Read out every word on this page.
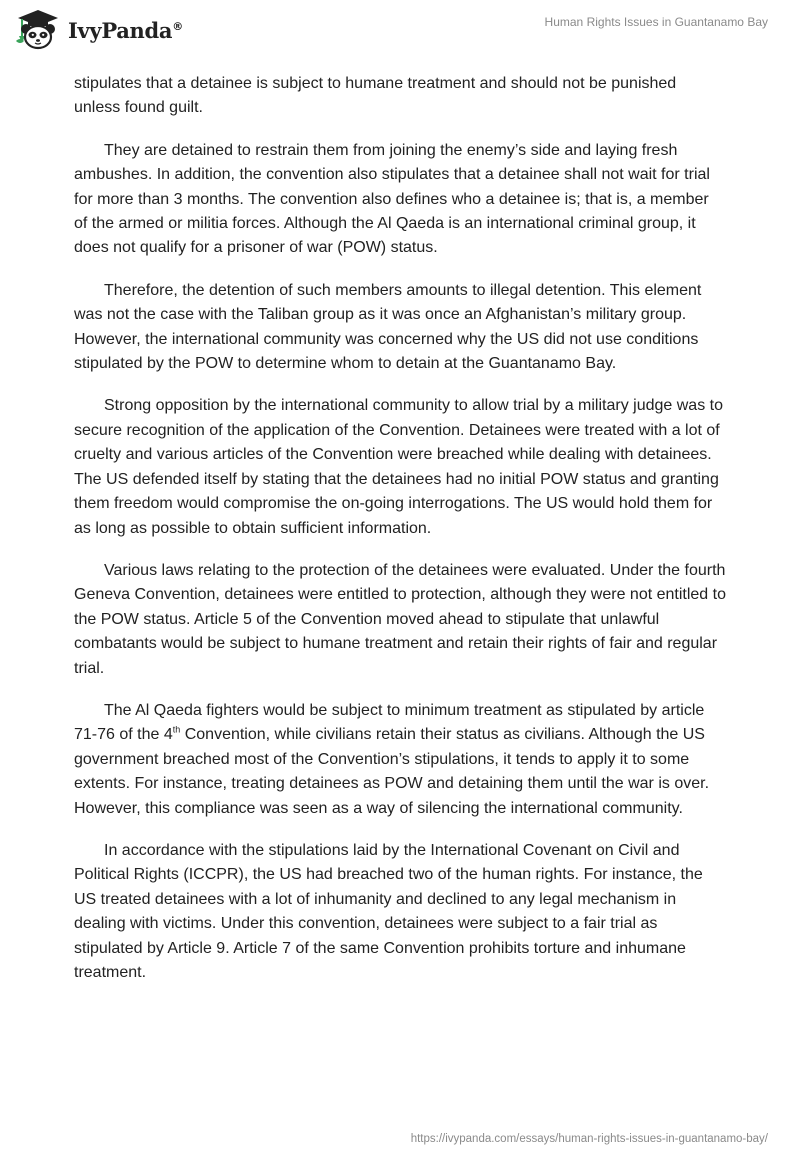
IvyPanda®	Human Rights Issues in Guantanamo Bay

stipulates that a detainee is subject to humane treatment and should not be punished unless found guilt.

They are detained to restrain them from joining the enemy’s side and laying fresh ambushes. In addition, the convention also stipulates that a detainee shall not wait for trial for more than 3 months. The convention also defines who a detainee is; that is, a member of the armed or militia forces. Although the Al Qaeda is an international criminal group, it does not qualify for a prisoner of war (POW) status.

Therefore, the detention of such members amounts to illegal detention. This element was not the case with the Taliban group as it was once an Afghanistan’s military group. However, the international community was concerned why the US did not use conditions stipulated by the POW to determine whom to detain at the Guantanamo Bay.

Strong opposition by the international community to allow trial by a military judge was to secure recognition of the application of the Convention. Detainees were treated with a lot of cruelty and various articles of the Convention were breached while dealing with detainees. The US defended itself by stating that the detainees had no initial POW status and granting them freedom would compromise the on-going interrogations. The US would hold them for as long as possible to obtain sufficient information.

Various laws relating to the protection of the detainees were evaluated. Under the fourth Geneva Convention, detainees were entitled to protection, although they were not entitled to the POW status. Article 5 of the Convention moved ahead to stipulate that unlawful combatants would be subject to humane treatment and retain their rights of fair and regular trial.

The Al Qaeda fighters would be subject to minimum treatment as stipulated by article 71-76 of the 4th Convention, while civilians retain their status as civilians. Although the US government breached most of the Convention’s stipulations, it tends to apply it to some extents. For instance, treating detainees as POW and detaining them until the war is over. However, this compliance was seen as a way of silencing the international community.

In accordance with the stipulations laid by the International Covenant on Civil and Political Rights (ICCPR), the US had breached two of the human rights. For instance, the US treated detainees with a lot of inhumanity and declined to any legal mechanism in dealing with victims. Under this convention, detainees were subject to a fair trial as stipulated by Article 9. Article 7 of the same Convention prohibits torture and inhumane treatment.

https://ivypanda.com/essays/human-rights-issues-in-guantanamo-bay/
